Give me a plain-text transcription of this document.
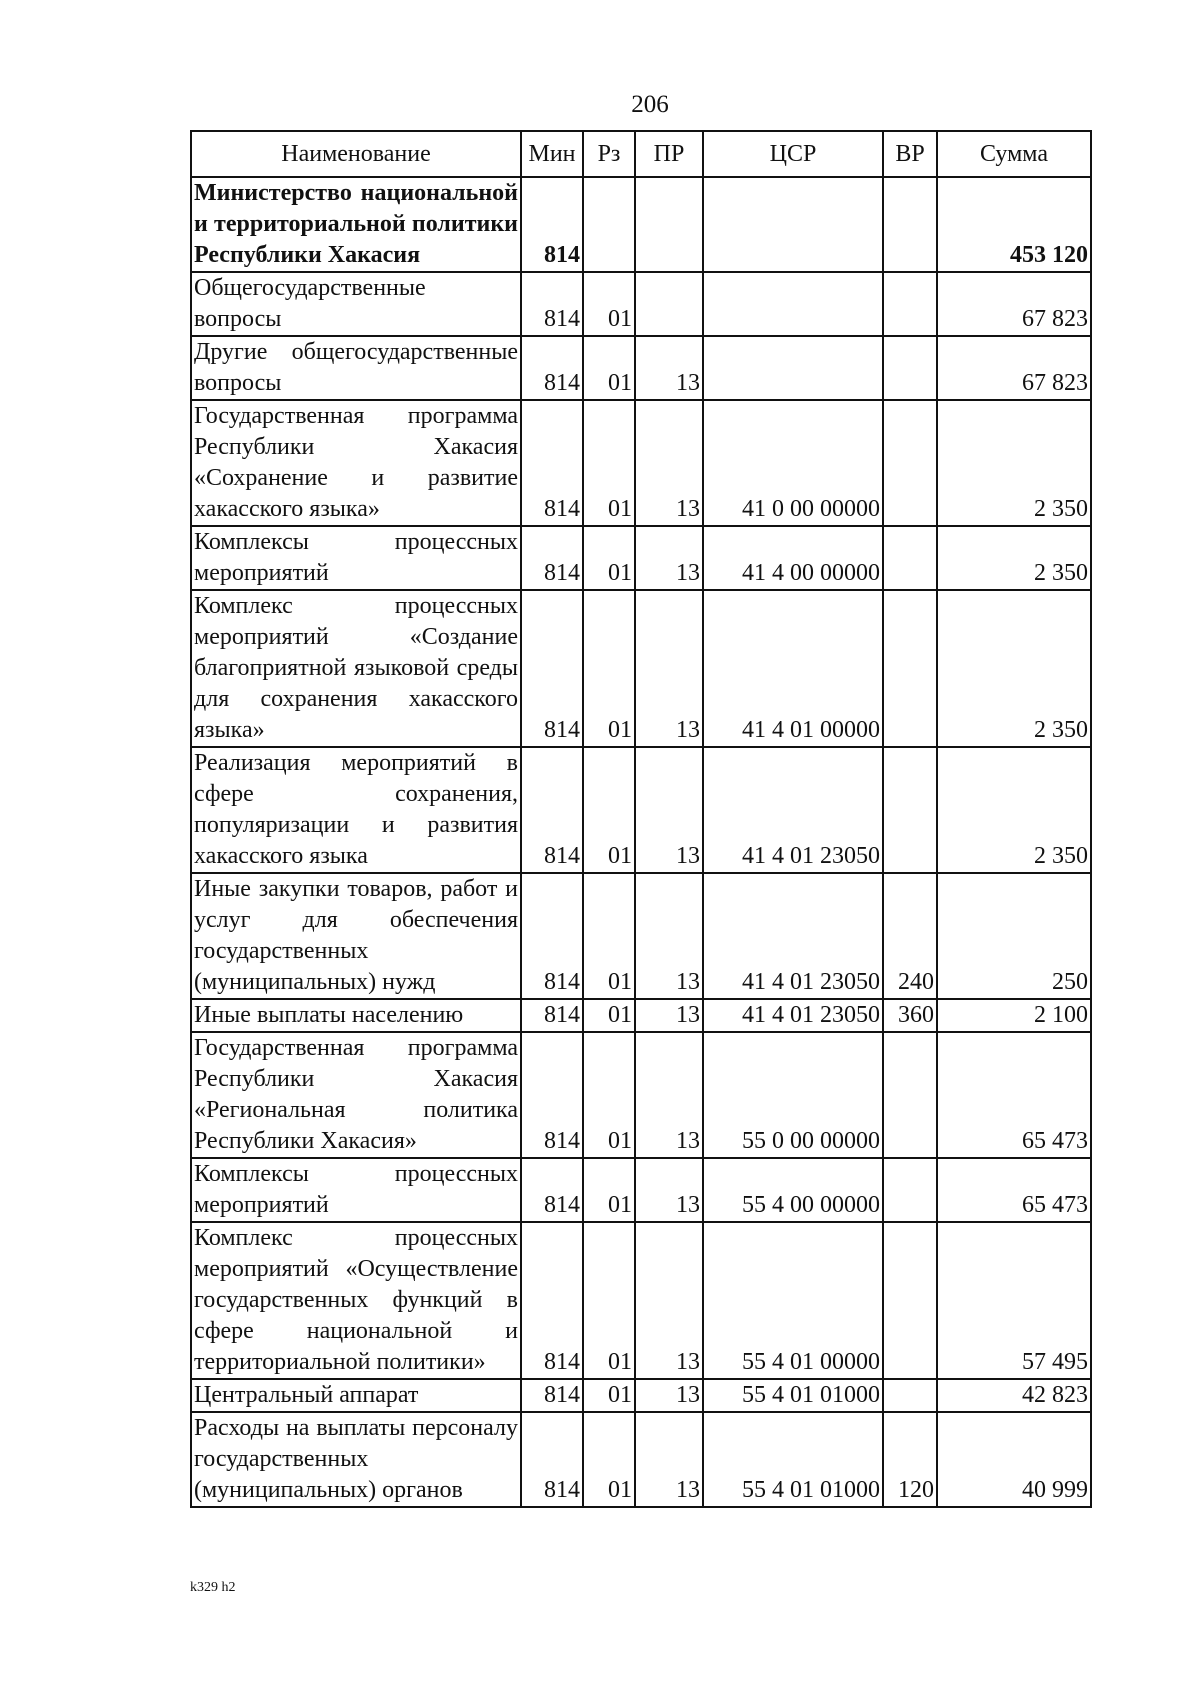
206
Наименование	Мин	Рз	ПР	ЦСР	ВР	Сумма
Министерство национальной и территориальной политики Республики Хакасия	814					453 120
Общегосударственные вопросы	814	01				67 823
Другие общегосударственные вопросы	814	01	13			67 823
Государственная программа Республики Хакасия «Сохранение и развитие хакасского языка»	814	01	13	41 0 00 00000		2 350
Комплексы процессных мероприятий	814	01	13	41 4 00 00000		2 350
Комплекс процессных мероприятий «Создание благоприятной языковой среды для сохранения хакасского языка»	814	01	13	41 4 01 00000		2 350
Реализация мероприятий в сфере сохранения, популяризации и развития хакасского языка	814	01	13	41 4 01 23050		2 350
Иные закупки товаров, работ и услуг для обеспечения государственных (муниципальных) нужд	814	01	13	41 4 01 23050	240	250
Иные выплаты населению	814	01	13	41 4 01 23050	360	2 100
Государственная программа Республики Хакасия «Региональная политика Республики Хакасия»	814	01	13	55 0 00 00000		65 473
Комплексы процессных мероприятий	814	01	13	55 4 00 00000		65 473
Комплекс процессных мероприятий «Осуществление государственных функций в сфере национальной и территориальной политики»	814	01	13	55 4 01 00000		57 495
Центральный аппарат	814	01	13	55 4 01 01000		42 823
Расходы на выплаты персоналу государственных (муниципальных) органов	814	01	13	55 4 01 01000	120	40 999
k329 h2
